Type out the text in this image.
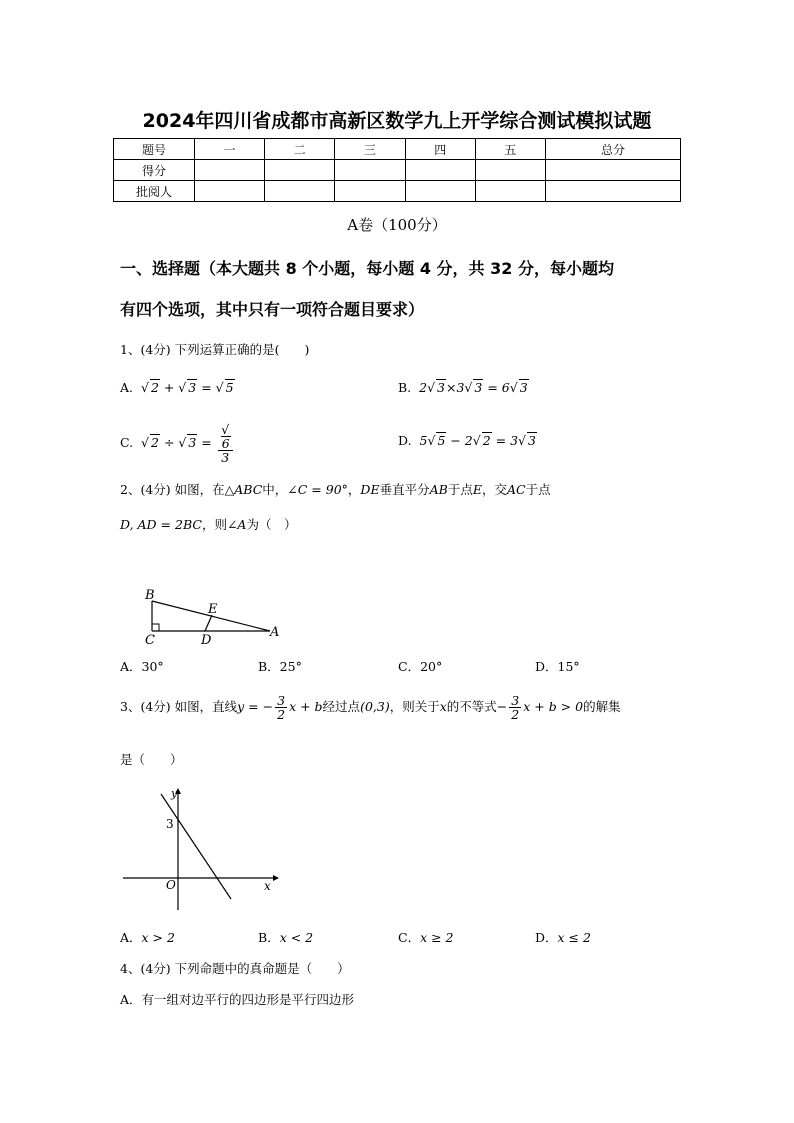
2024年四川省成都市高新区数学九上开学综合测试模拟试题
题号	一	二	三	四	五	总分
得分						
批阅人						
A卷（100分）
一、选择题（本大题共 8 个小题，每小题 4 分，共 32 分，每小题均
有四个选项，其中只有一项符合题目要求）
1、(4分) 下列运算正确的是(　　)
A. √ 2 + √ 3 = √ 5	B. 2√ 3×3√ 3 = 6√ 3
C. √ 2 ÷ √ 3 = √
6
3	D. 5√ 5 − 2√ 2 = 3√ 3
2、(4分) 如图，在△ABC中，∠C = 90°，DE垂直平分AB于点E，交AC于点
D, AD = 2BC，则∠A为（　）
B
E
C	D
A
A．30°	B．25°	C．20°	D．15°
3、(4分) 如图，直线y = − $\frac{3}{2}$ x + b经过点(0,3)，则关于x的不等式− $\frac{3}{2}$ x + b > 0的解集
是（　　）
y
3
O	x
A．x > 2	B．x < 2	C．x ≥ 2	D．x ≤ 2
4、(4分) 下列命题中的真命题是（　　）
A．有一组对边平行的四边形是平行四边形
